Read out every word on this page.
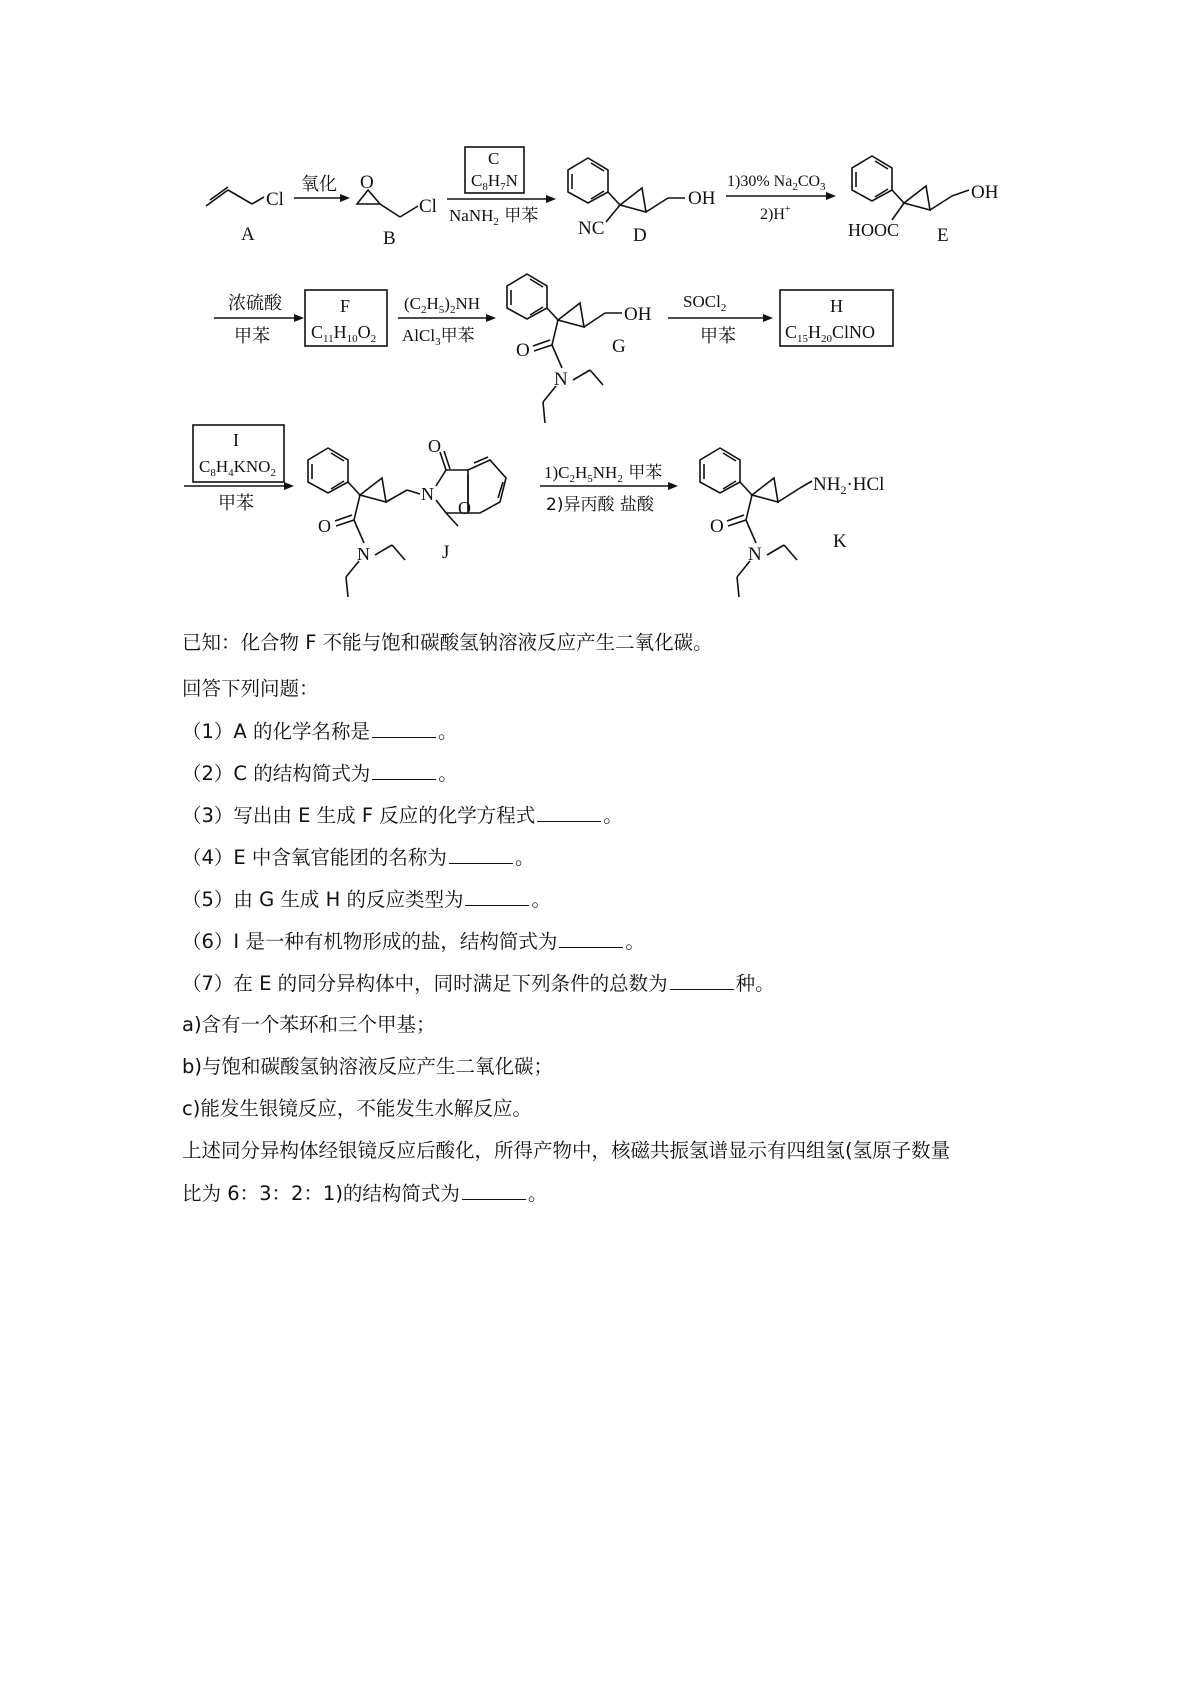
Cl
A
氧化 O
Cl
B
C
$C_8H_7N$
NaNH$_2$ 甲苯
OH
NC D
1)30% $Na_2CO_3$
2)H+
OH
HOOC E
浓硫酸
甲苯
F
$C_{11}H_{10}O_2$
$(C_2H_5)_2NH$
AlCl$_3$甲苯
OH
O
N
G
SOCl$_2$
甲苯
H
$C_{15}H_{20}ClNO$
I
$C_8H_4KNO_2$
甲苯	N
O
O
O
N	J
$1)C_2H_5NH_2$ 甲苯
2)异丙酸 盐酸
$NH_2\cdot HCl$
O
N
K
已知：化合物 F 不能与饱和碳酸氢钠溶液反应产生二氧化碳。
回答下列问题：
（1）A 的化学名称是	。
（2）C 的结构简式为	。
（3）写出由 E 生成 F 反应的化学方程式	。
（4）E 中含氧官能团的名称为	。
（5）由 G 生成 H 的反应类型为	。
（6）I 是一种有机物形成的盐，结构简式为	。
（7）在 E 的同分异构体中，同时满足下列条件的总数为	种。
a)含有一个苯环和三个甲基；
b)与饱和碳酸氢钠溶液反应产生二氧化碳；
c)能发生银镜反应，不能发生水解反应。
上述同分异构体经银镜反应后酸化，所得产物中，核磁共振氢谱显示有四组氢(氢原子数量
比为 6：3：2：1)的结构简式为	。
